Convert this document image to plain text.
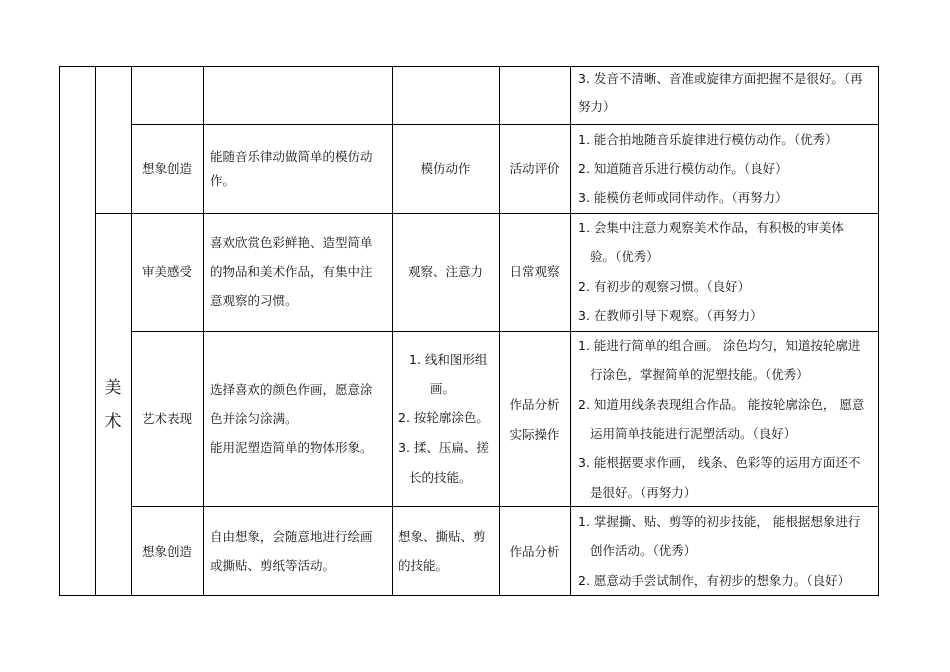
3. 发音不清晰、音准或旋律方面把握不是很好。（再
努力）
想象创造
能随音乐律动做简单的模仿动
作。
模仿动作	活动评价
1. 能合拍地随音乐旋律进行模仿动作。（优秀）
2. 知道随音乐进行模仿动作。（良好）
3. 能模仿老师或同伴动作。（再努力）
美
术
审美感受
喜欢欣赏色彩鲜艳、造型简单
的物品和美术作品，有集中注
意观察的习惯。
观察、注意力	日常观察
1. 会集中注意力观察美术作品，有积极的审美体
验。（优秀）
2. 有初步的观察习惯。（良好）
3. 在教师引导下观察。（再努力）
艺术表现
选择喜欢的颜色作画，愿意涂
色并涂匀涂满。
能用泥塑造简单的物体形象。
1. 线和图形组
画。
2. 按轮廓涂色。
3. 揉、压扁、搓
长的技能。
作品分析
实际操作
1. 能进行简单的组合画。 涂色均匀，知道按轮廓进
行涂色，掌握简单的泥塑技能。（优秀）
2. 知道用线条表现组合作品。 能按轮廓涂色， 愿意
运用简单技能进行泥塑活动。（良好）
3. 能根据要求作画， 线条、色彩等的运用方面还不
是很好。（再努力）
想象创造
自由想象，会随意地进行绘画
或撕贴、剪纸等活动。
想象、撕贴、剪
的技能。
作品分析
1. 掌握撕、贴、剪等的初步技能， 能根据想象进行
创作活动。（优秀）
2. 愿意动手尝试制作，有初步的想象力。（良好）
